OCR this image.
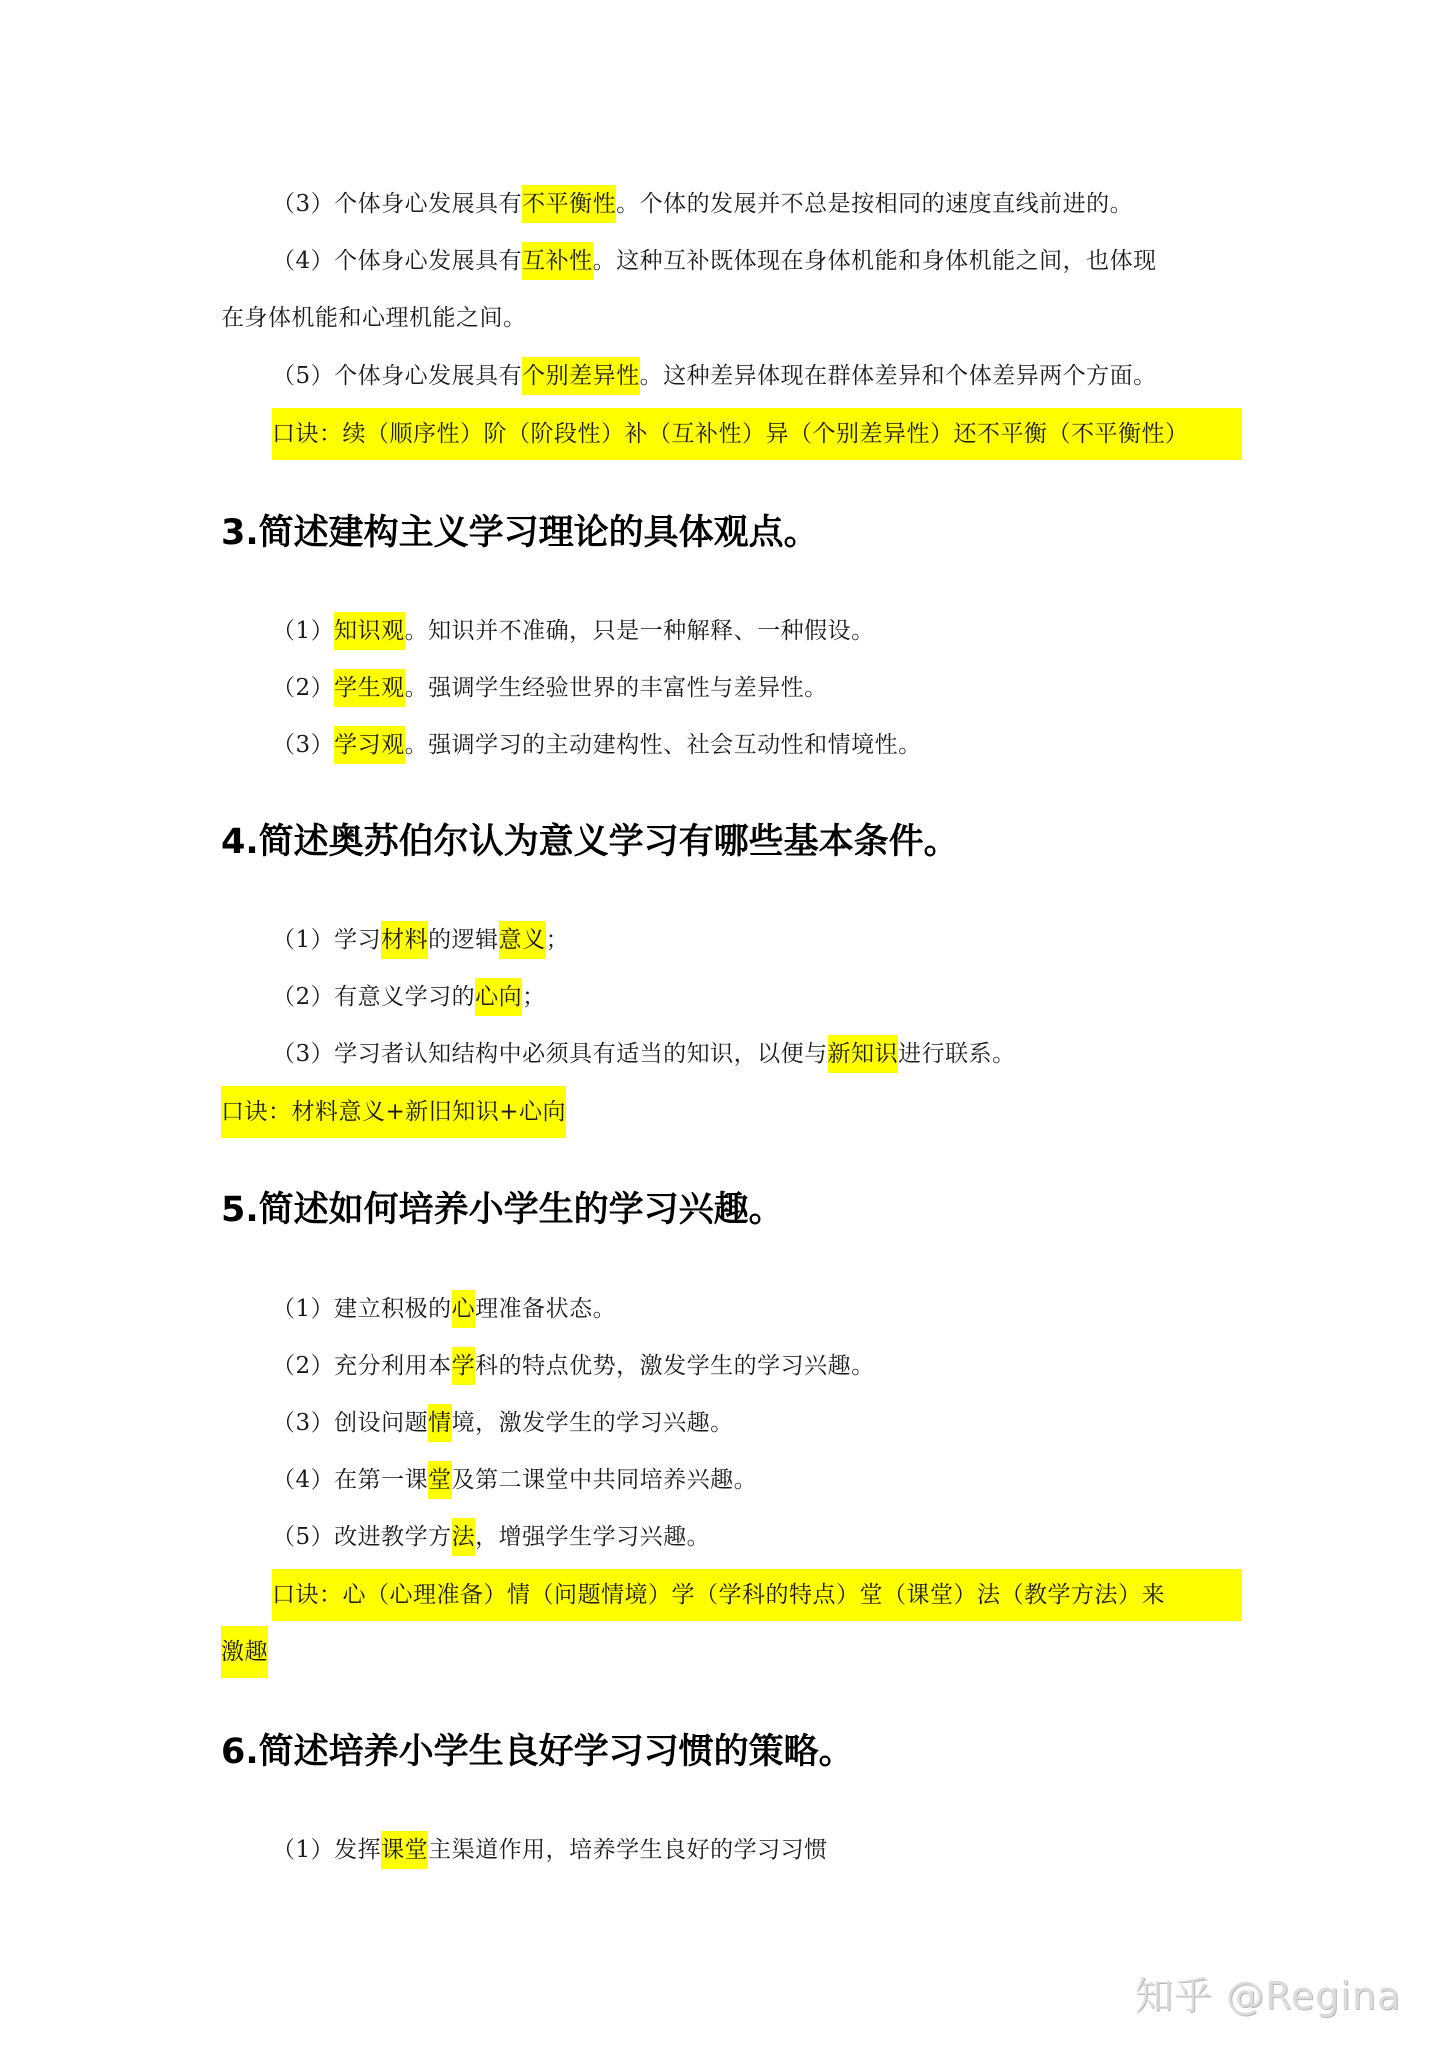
（3）个体身心发展具有不平衡性。个体的发展并不总是按相同的速度直线前进的。
（4）个体身心发展具有互补性。这种互补既体现在身体机能和身体机能之间，也体现
在身体机能和心理机能之间。
（5）个体身心发展具有个别差异性。这种差异体现在群体差异和个体差异两个方面。
口诀：续（顺序性）阶（阶段性）补（互补性）异（个别差异性）还不平衡（不平衡性）
3.简述建构主义学习理论的具体观点。
（1）知识观。知识并不准确，只是一种解释、一种假设。
（2）学生观。强调学生经验世界的丰富性与差异性。
（3）学习观。强调学习的主动建构性、社会互动性和情境性。
4.简述奥苏伯尔认为意义学习有哪些基本条件。
（1）学习材料的逻辑意义；
（2）有意义学习的心向；
（3）学习者认知结构中必须具有适当的知识，以便与新知识进行联系。
口诀：材料意义+新旧知识+心向
5.简述如何培养小学生的学习兴趣。
（1）建立积极的心理准备状态。
（2）充分利用本学科的特点优势，激发学生的学习兴趣。
（3）创设问题情境，激发学生的学习兴趣。
（4）在第一课堂及第二课堂中共同培养兴趣。
（5）改进教学方法，增强学生学习兴趣。
口诀：心（心理准备）情（问题情境）学（学科的特点）堂（课堂）法（教学方法）来
激趣
6.简述培养小学生良好学习习惯的策略。
（1）发挥课堂主渠道作用，培养学生良好的学习习惯
知乎 @Regina
